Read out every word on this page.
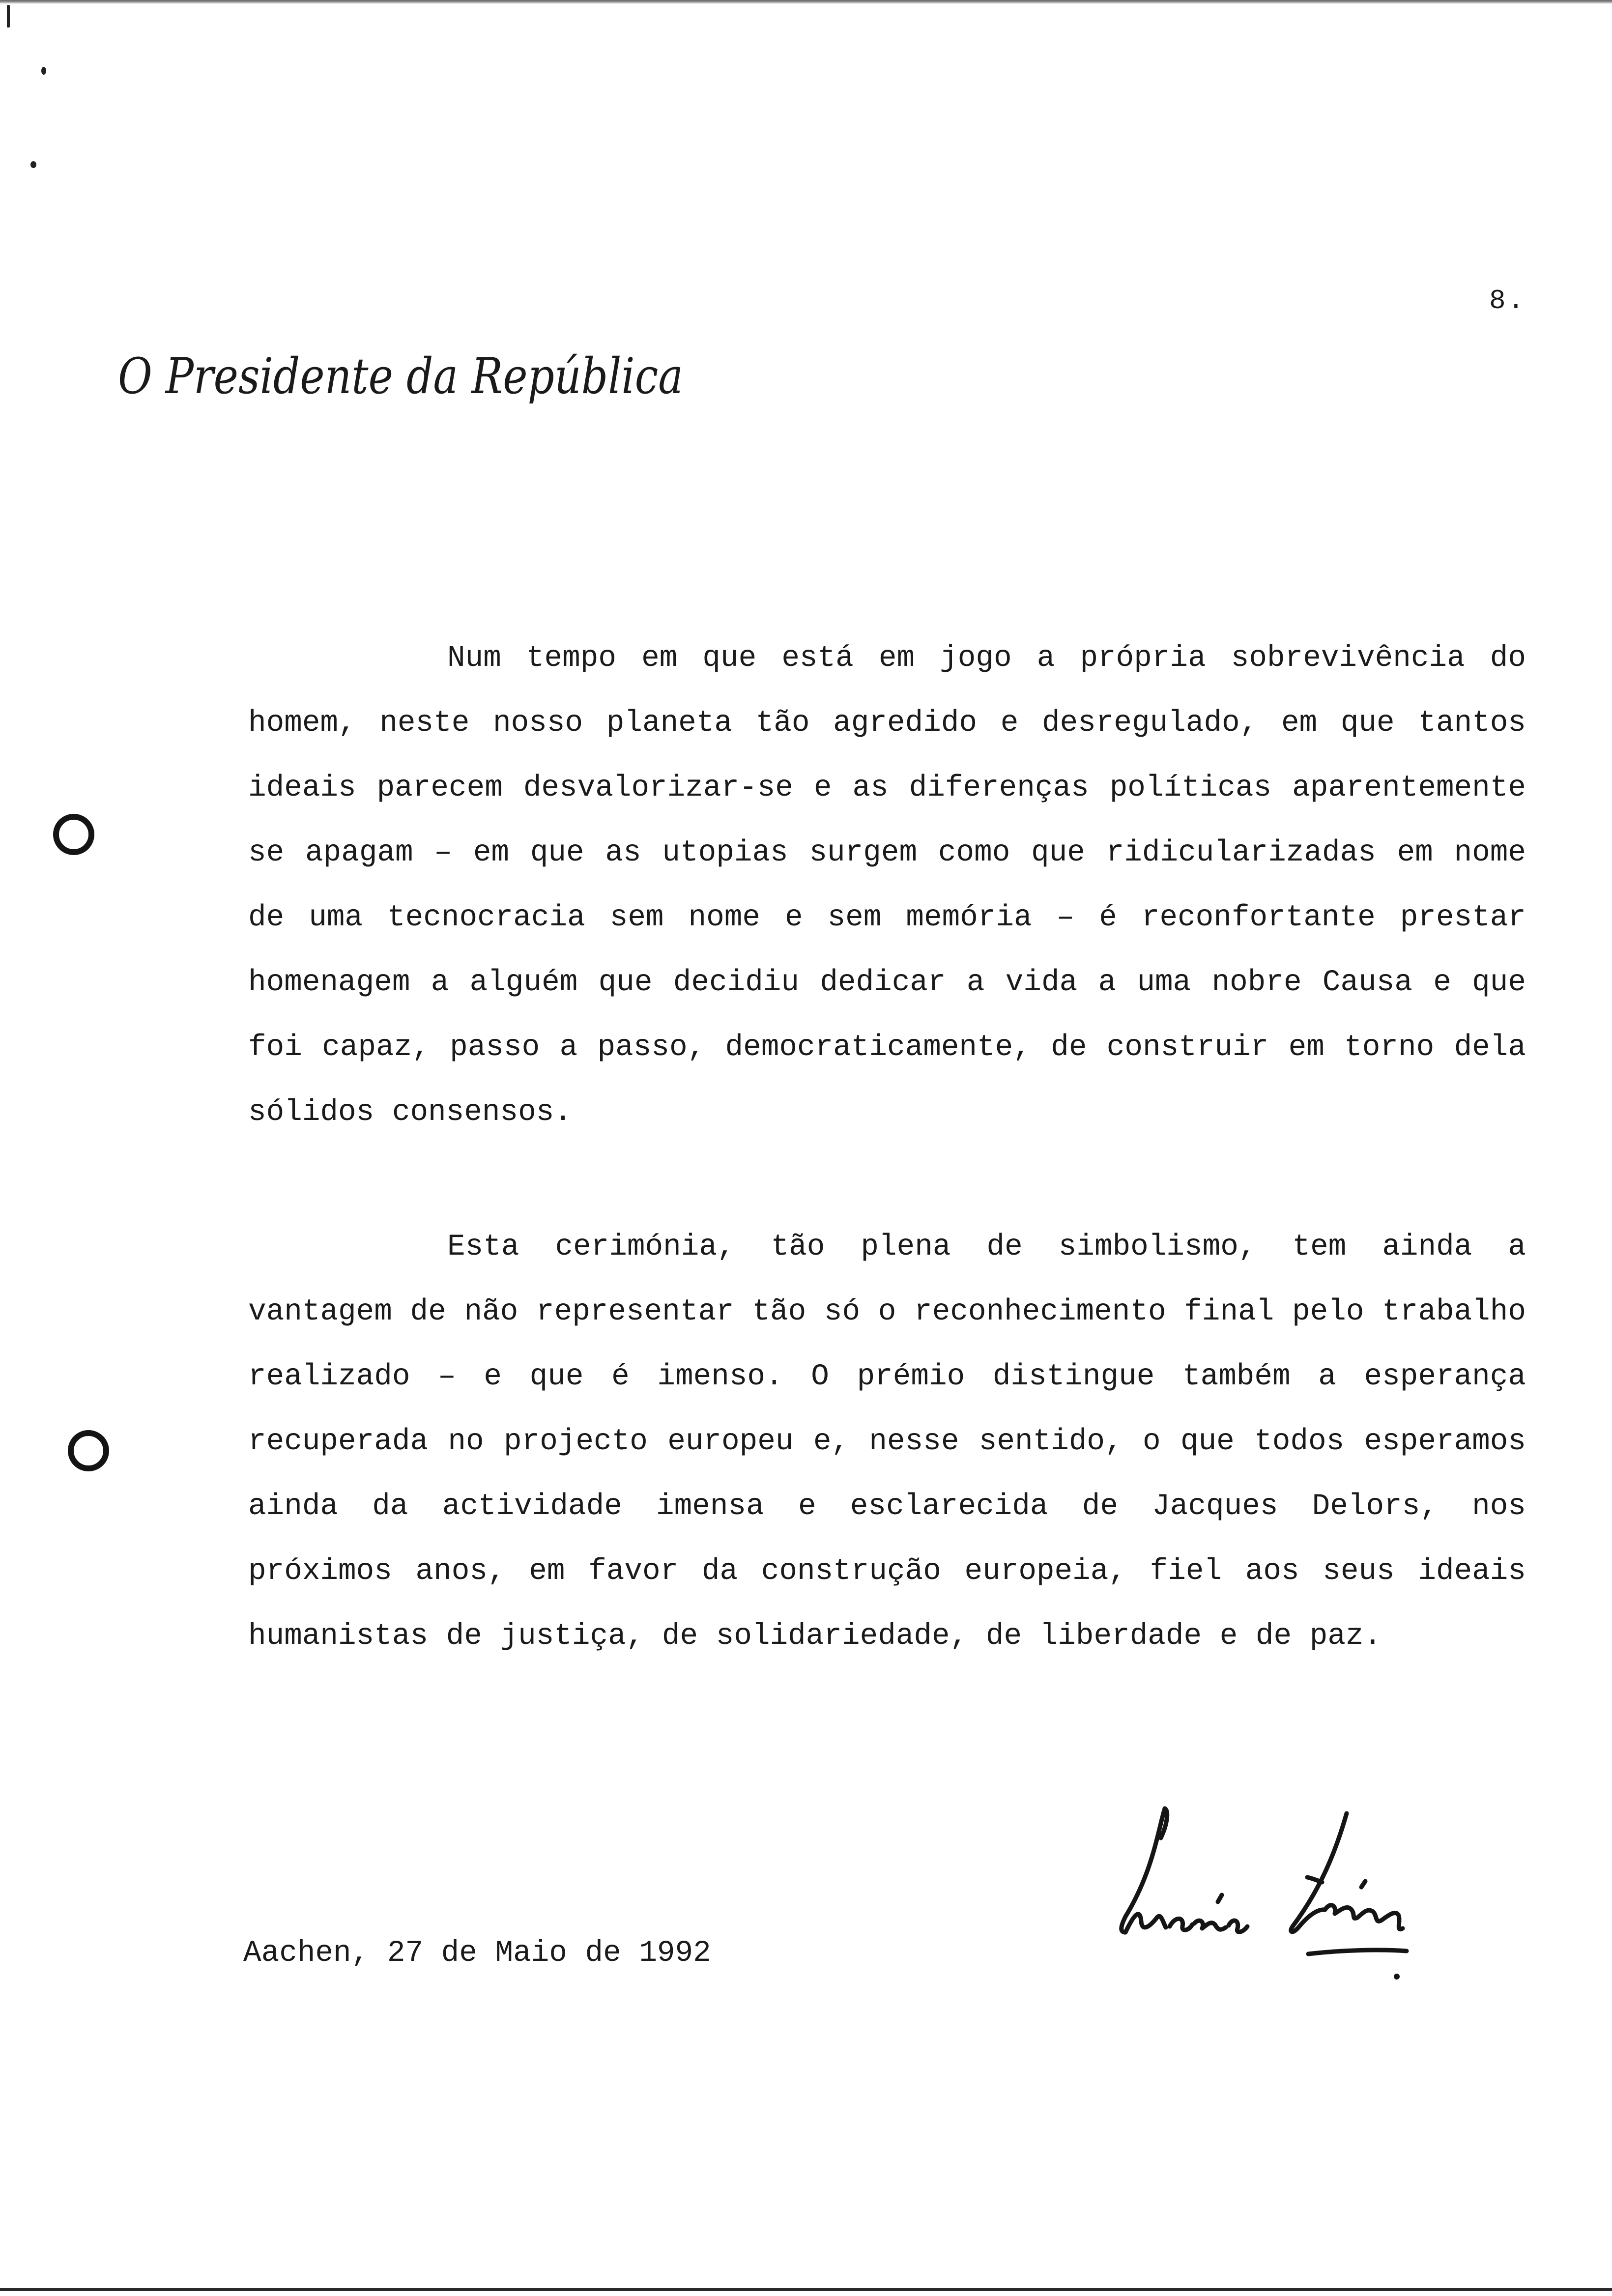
8.
O Presidente da República

Num tempo em que está em jogo a própria sobrevivência do homem, neste nosso planeta tão agredido e desregulado, em que tantos ideais parecem desvalorizar-se e as diferenças políticas aparentemente se apagam – em que as utopias surgem como que ridicularizadas em nome de uma tecnocracia sem nome e sem memória – é reconfortante prestar homenagem a alguém que decidiu dedicar a vida a uma nobre Causa e que foi capaz, passo a passo, democraticamente, de construir em torno dela sólidos consensos.

Esta cerimónia, tão plena de simbolismo, tem ainda a vantagem de não representar tão só o reconhecimento final pelo trabalho realizado – e que é imenso. O prémio distingue também a esperança recuperada no projecto europeu e, nesse sentido, o que todos esperamos ainda da actividade imensa e esclarecida de Jacques Delors, nos próximos anos, em favor da construção europeia, fiel aos seus ideais humanistas de justiça, de solidariedade, de liberdade e de paz.

Aachen, 27 de Maio de 1992
